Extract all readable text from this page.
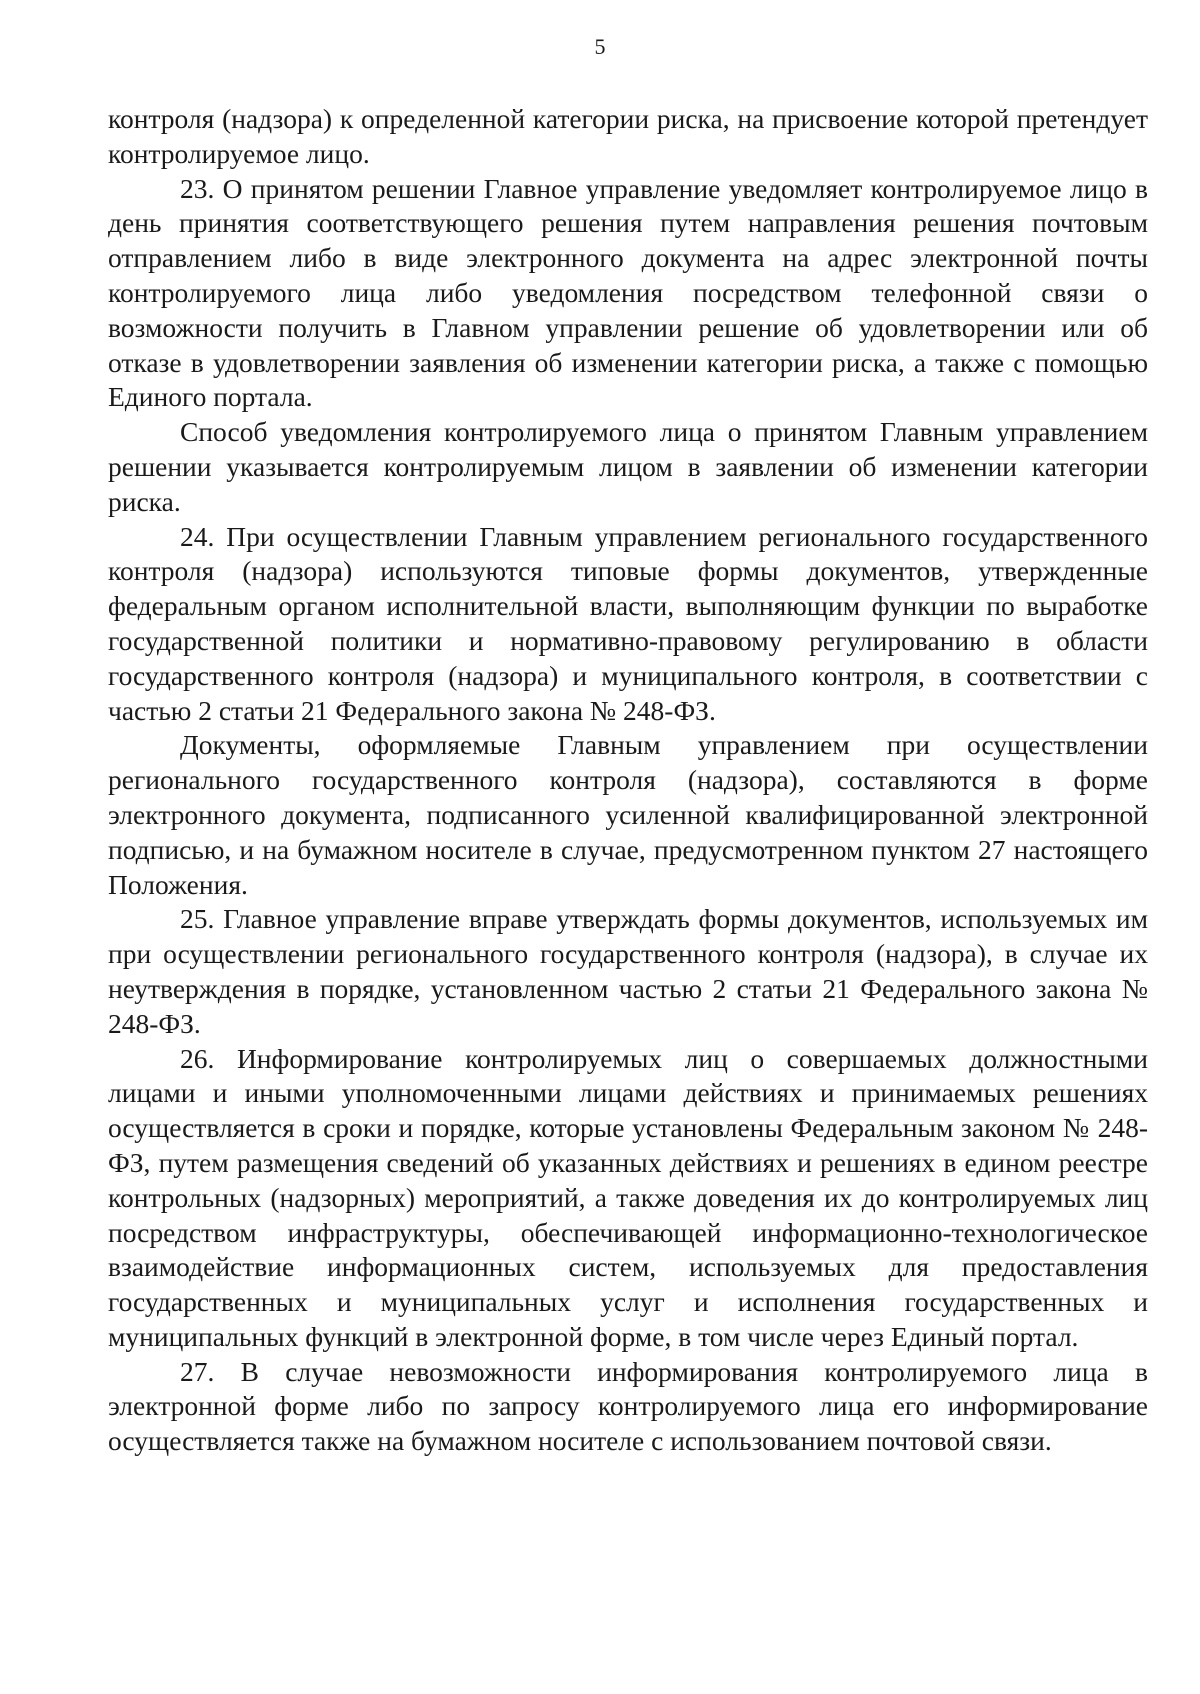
5

контроля (надзора) к определенной категории риска, на присвоение которой претендует контролируемое лицо.

23. О принятом решении Главное управление уведомляет контролируемое лицо в день принятия соответствующего решения путем направления решения почтовым отправлением либо в виде электронного документа на адрес электронной почты контролируемого лица либо уведомления посредством телефонной связи о возможности получить в Главном управлении решение об удовлетворении или об отказе в удовлетворении заявления об изменении категории риска, а также с помощью Единого портала.

Способ уведомления контролируемого лица о принятом Главным управлением решении указывается контролируемым лицом в заявлении об изменении категории риска.

24. При осуществлении Главным управлением регионального государственного контроля (надзора) используются типовые формы документов, утвержденные федеральным органом исполнительной власти, выполняющим функции по выработке государственной политики и нормативно-правовому регулированию в области государственного контроля (надзора) и муниципального контроля, в соответствии с частью 2 статьи 21 Федерального закона № 248-ФЗ.

Документы, оформляемые Главным управлением при осуществлении регионального государственного контроля (надзора), составляются в форме электронного документа, подписанного усиленной квалифицированной электронной подписью, и на бумажном носителе в случае, предусмотренном пунктом 27 настоящего Положения.

25. Главное управление вправе утверждать формы документов, используемых им при осуществлении регионального государственного контроля (надзора), в случае их неутверждения в порядке, установленном частью 2 статьи 21 Федерального закона № 248-ФЗ.

26. Информирование контролируемых лиц о совершаемых должностными лицами и иными уполномоченными лицами действиях и принимаемых решениях осуществляется в сроки и порядке, которые установлены Федеральным законом № 248-ФЗ, путем размещения сведений об указанных действиях и решениях в едином реестре контрольных (надзорных) мероприятий, а также доведения их до контролируемых лиц посредством инфраструктуры, обеспечивающей информационно-технологическое взаимодействие информационных систем, используемых для предоставления государственных и муниципальных услуг и исполнения государственных и муниципальных функций в электронной форме, в том числе через Единый портал.

27. В случае невозможности информирования контролируемого лица в электронной форме либо по запросу контролируемого лица его информирование осуществляется также на бумажном носителе с использованием почтовой связи.
